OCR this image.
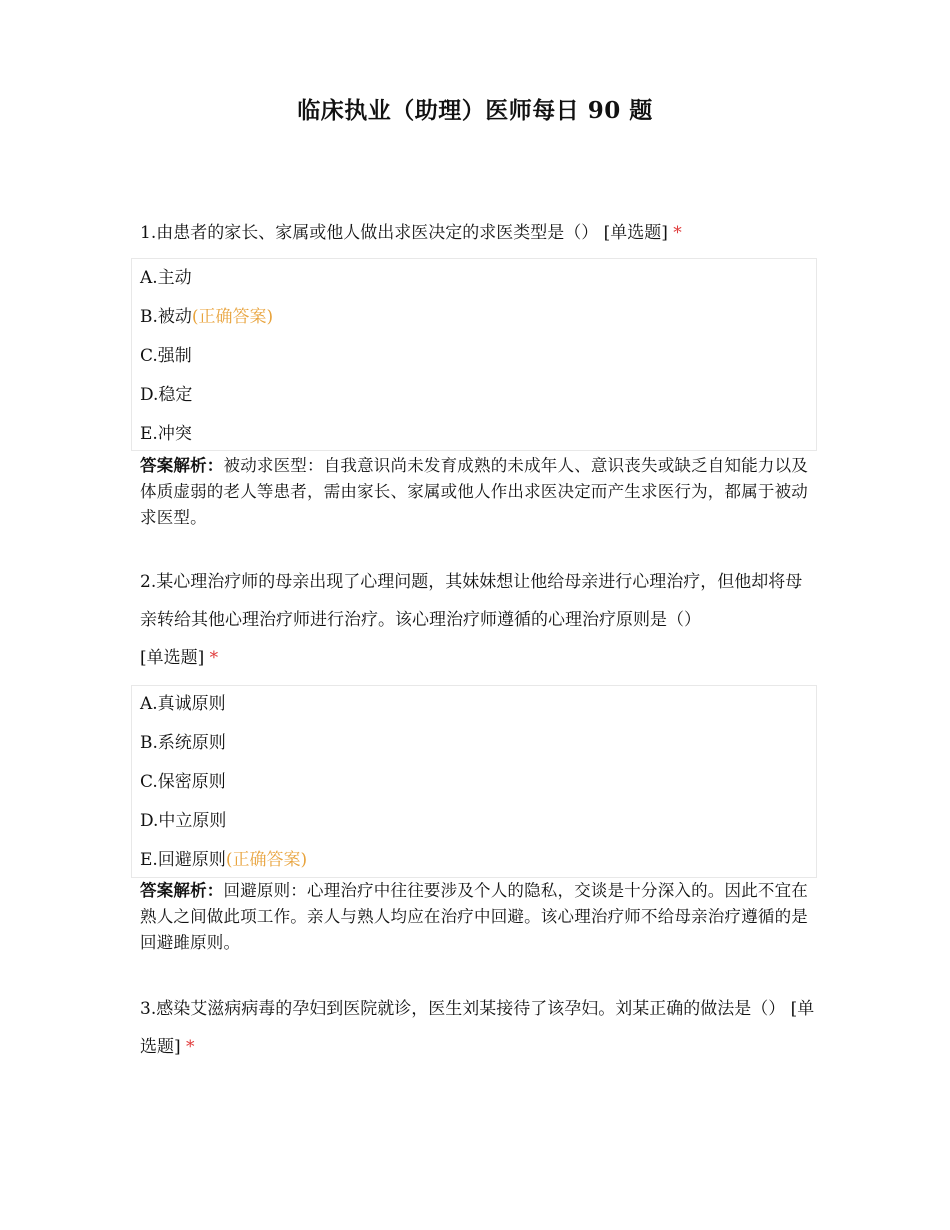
临床执业（助理）医师每日 90 题

1.由患者的家长、家属或他人做出求医决定的求医类型是（） [单选题] *

A.主动
B.被动(正确答案)
C.强制
D.稳定
E.冲突

答案解析：被动求医型：自我意识尚未发育成熟的未成年人、意识丧失或缺乏自知能力以及体质虚弱的老人等患者，需由家长、家属或他人作出求医决定而产生求医行为，都属于被动求医型。

2.某心理治疗师的母亲出现了心理问题，其妹妹想让他给母亲进行心理治疗，但他却将母亲转给其他心理治疗师进行治疗。该心理治疗师遵循的心理治疗原则是（）
[单选题] *

A.真诚原则
B.系统原则
C.保密原则
D.中立原则
E.回避原则(正确答案)

答案解析：回避原则：心理治疗中往往要涉及个人的隐私，交谈是十分深入的。因此不宜在熟人之间做此项工作。亲人与熟人均应在治疗中回避。该心理治疗师不给母亲治疗遵循的是回避雎原则。

3.感染艾滋病病毒的孕妇到医院就诊，医生刘某接待了该孕妇。刘某正确的做法是（） [单选题] *
